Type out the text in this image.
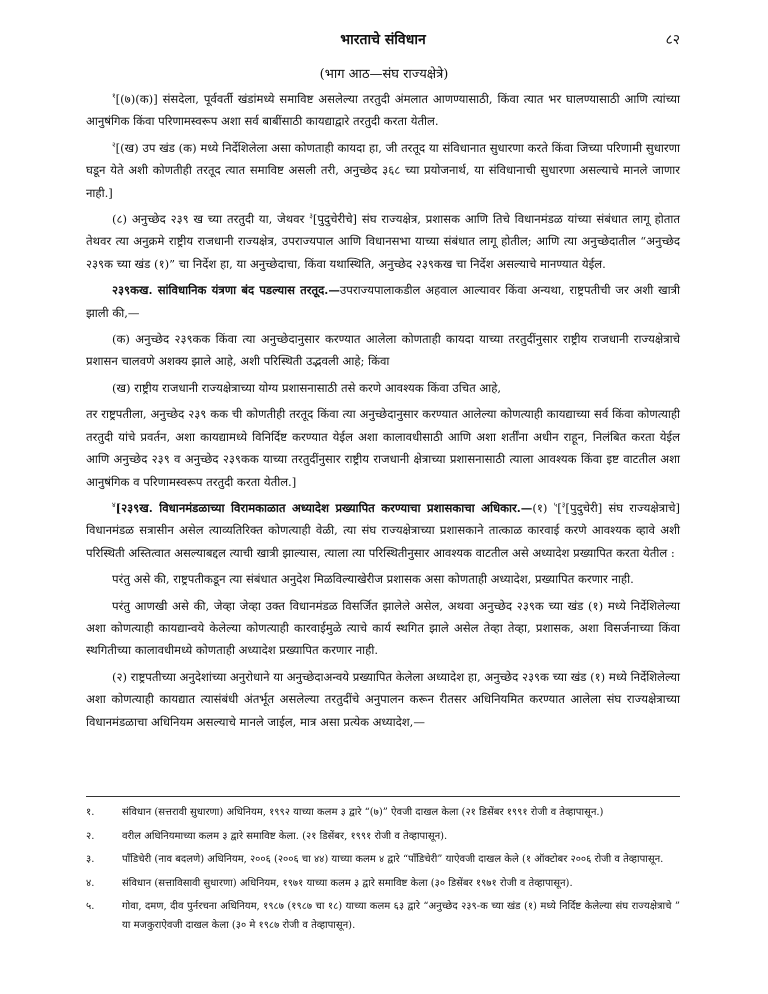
भारताचे संविधान	८२
(भाग आठ—संघ राज्यक्षेत्रे)

$^१$[(७)(क)] संसदेला, पूर्ववर्ती खंडांमध्ये समाविष्ट असलेल्या तरतुदी अंमलात आणण्यासाठी, किंवा त्यात भर घालण्यासाठी आणि त्यांच्या आनुषंगिक किंवा परिणामस्वरूप अशा सर्व बाबींसाठी कायद्याद्वारे तरतुदी करता येतील.

$^२$[(ख) उप खंड (क) मध्ये निर्देशिलेला असा कोणताही कायदा हा, जी तरतूद या संविधानात सुधारणा करते किंवा जिच्या परिणामी सुधारणा घडून येते अशी कोणतीही तरतूद त्यात समाविष्ट असली तरी, अनुच्छेद ३६८ च्या प्रयोजनार्थ, या संविधानाची सुधारणा असल्याचे मानले जाणार नाही.]

(८) अनुच्छेद २३९ ख च्या तरतुदी या, जेथवर $^३$[पुदुचेरीचे] संघ राज्यक्षेत्र, प्रशासक आणि तिचे विधानमंडळ यांच्या संबंधात लागू होतात तेथवर त्या अनुक्रमे राष्ट्रीय राजधानी राज्यक्षेत्र, उपराज्यपाल आणि विधानसभा याच्या संबंधात लागू होतील; आणि त्या अनुच्छेदातील “अनुच्छेद २३९क च्या खंड (१)” चा निर्देश हा, या अनुच्छेदाचा, किंवा यथास्थिति, अनुच्छेद २३९कख चा निर्देश असल्याचे मानण्यात येईल.

२३९कख. सांविधानिक यंत्रणा बंद पडल्यास तरतूद.—उपराज्यपालाकडील अहवाल आल्यावर किंवा अन्यथा, राष्ट्रपतीची जर अशी खात्री झाली की,—

(क) अनुच्छेद २३९कक किंवा त्या अनुच्छेदानुसार करण्यात आलेला कोणताही कायदा याच्या तरतुदींनुसार राष्ट्रीय राजधानी राज्यक्षेत्राचे प्रशासन चालवणे अशक्य झाले आहे, अशी परिस्थिती उद्भवली आहे; किंवा

(ख) राष्ट्रीय राजधानी राज्यक्षेत्राच्या योग्य प्रशासनासाठी तसे करणे आवश्यक किंवा उचित आहे,

तर राष्ट्रपतीला, अनुच्छेद २३९ कक ची कोणतीही तरतूद किंवा त्या अनुच्छेदानुसार करण्यात आलेल्या कोणत्याही कायद्याच्या सर्व किंवा कोणत्याही तरतुदी यांचे प्रवर्तन, अशा कायद्यामध्ये विनिर्दिष्ट करण्यात येईल अशा कालावधीसाठी आणि अशा शर्तींना अधीन राहून, निलंबित करता येईल आणि अनुच्छेद २३९ व अनुच्छेद २३९कक याच्या तरतुदींनुसार राष्ट्रीय राजधानी क्षेत्राच्या प्रशासनासाठी त्याला आवश्यक किंवा इष्ट वाटतील अशा आनुषंगिक व परिणामस्वरूप तरतुदी करता येतील.]

$^४$[२३९ख. विधानमंडळाच्या विरामकाळात अध्यादेश प्रख्यापित करण्याचा प्रशासकाचा अधिकार.—(१) $^५$[$^३$[पुदुचेरी] संघ राज्यक्षेत्राचे] विधानमंडळ सत्रासीन असेल त्याव्यतिरिक्त कोणत्याही वेळी, त्या संघ राज्यक्षेत्राच्या प्रशासकाने तात्काळ कारवाई करणे आवश्यक व्हावे अशी परिस्थिती अस्तित्वात असल्याबद्दल त्याची खात्री झाल्यास, त्याला त्या परिस्थितीनुसार आवश्यक वाटतील असे अध्यादेश प्रख्यापित करता येतील :

परंतु असे की, राष्ट्रपतीकडून त्या संबंधात अनुदेश मिळविल्याखेरीज प्रशासक असा कोणताही अध्यादेश, प्रख्यापित करणार नाही.

परंतु आणखी असे की, जेव्हा जेव्हा उक्त विधानमंडळ विसर्जित झालेले असेल, अथवा अनुच्छेद २३९क च्या खंड (१) मध्ये निर्देशिलेल्या अशा कोणत्याही कायद्यान्वये केलेल्या कोणत्याही कारवाईमुळे त्याचे कार्य स्थगित झाले असेल तेव्हा तेव्हा, प्रशासक, अशा विसर्जनाच्या किंवा स्थगितीच्या कालावधीमध्ये कोणताही अध्यादेश प्रख्यापित करणार नाही.

(२) राष्ट्रपतीच्या अनुदेशांच्या अनुरोधाने या अनुच्छेदाअन्वये प्रख्यापित केलेला अध्यादेश हा, अनुच्छेद २३९क च्या खंड (१) मध्ये निर्देशिलेल्या अशा कोणत्याही कायद्यात त्यासंबंधी अंतर्भूत असलेल्या तरतुदींचे अनुपालन करून रीतसर अधिनियमित करण्यात आलेला संघ राज्यक्षेत्राच्या विधानमंडळाचा अधिनियम असल्याचे मानले जाईल, मात्र असा प्रत्येक अध्यादेश,—

१.	संविधान (सत्तरावी सुधारणा) अधिनियम, १९९२ याच्या कलम ३ द्वारे “(७)” ऐवजी दाखल केला (२१ डिसेंबर १९९१ रोजी व तेव्हापासून.)
२.	वरील अधिनियमाच्या कलम ३ द्वारे समाविष्ट केला. (२१ डिसेंबर, १९९१ रोजी व तेव्हापासून).
३.	पाँडिचेरी (नाव बदलणे) अधिनियम, २००६ (२००६ चा ४४) याच्या कलम ४ द्वारे “पाँडिचेरी” याऐवजी दाखल केले (१ ऑक्टोबर २००६ रोजी व तेव्हापासून.
४.	संविधान (सत्ताविसावी सुधारणा) अधिनियम, १९७१ याच्या कलम ३ द्वारे समाविष्ट केला (३० डिसेंबर १९७१ रोजी व तेव्हापासून).
५.	गोवा, दमण, दीव पुर्नरचना अधिनियम, १९८७ (१९८७ चा १८) याच्या कलम ६३ द्वारे “अनुच्छेद २३९-क च्या खंड (१) मध्ये निर्दिष्ट केलेल्या संघ राज्यक्षेत्राचे ” या मजकुराऐवजी दाखल केला (३० मे १९८७ रोजी व तेव्हापासून).
